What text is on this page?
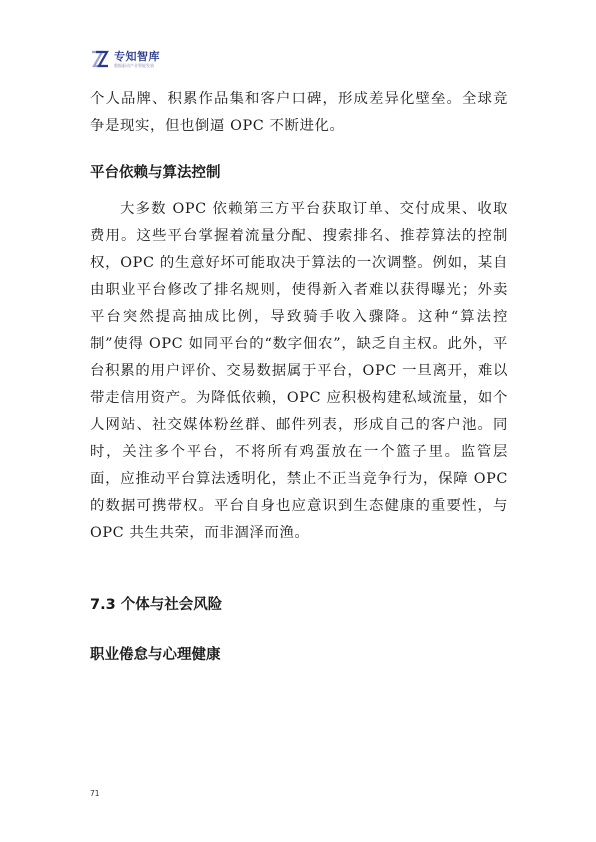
专知智库
数据驱动产业智能发展

个人品牌、积累作品集和客户口碑，形成差异化壁垒。全球竞争是现实，但也倒逼 OPC 不断进化。

平台依赖与算法控制

大多数 OPC 依赖第三方平台获取订单、交付成果、收取费用。这些平台掌握着流量分配、搜索排名、推荐算法的控制权，OPC 的生意好坏可能取决于算法的一次调整。例如，某自由职业平台修改了排名规则，使得新入者难以获得曝光；外卖平台突然提高抽成比例，导致骑手收入骤降。这种“算法控制”使得 OPC 如同平台的“数字佃农”，缺乏自主权。此外，平台积累的用户评价、交易数据属于平台，OPC 一旦离开，难以带走信用资产。为降低依赖，OPC 应积极构建私域流量，如个人网站、社交媒体粉丝群、邮件列表，形成自己的客户池。同时，关注多个平台，不将所有鸡蛋放在一个篮子里。监管层面，应推动平台算法透明化，禁止不正当竞争行为，保障 OPC 的数据可携带权。平台自身也应意识到生态健康的重要性，与 OPC 共生共荣，而非涸泽而渔。

7.3 个体与社会风险
职业倦怠与心理健康
71
